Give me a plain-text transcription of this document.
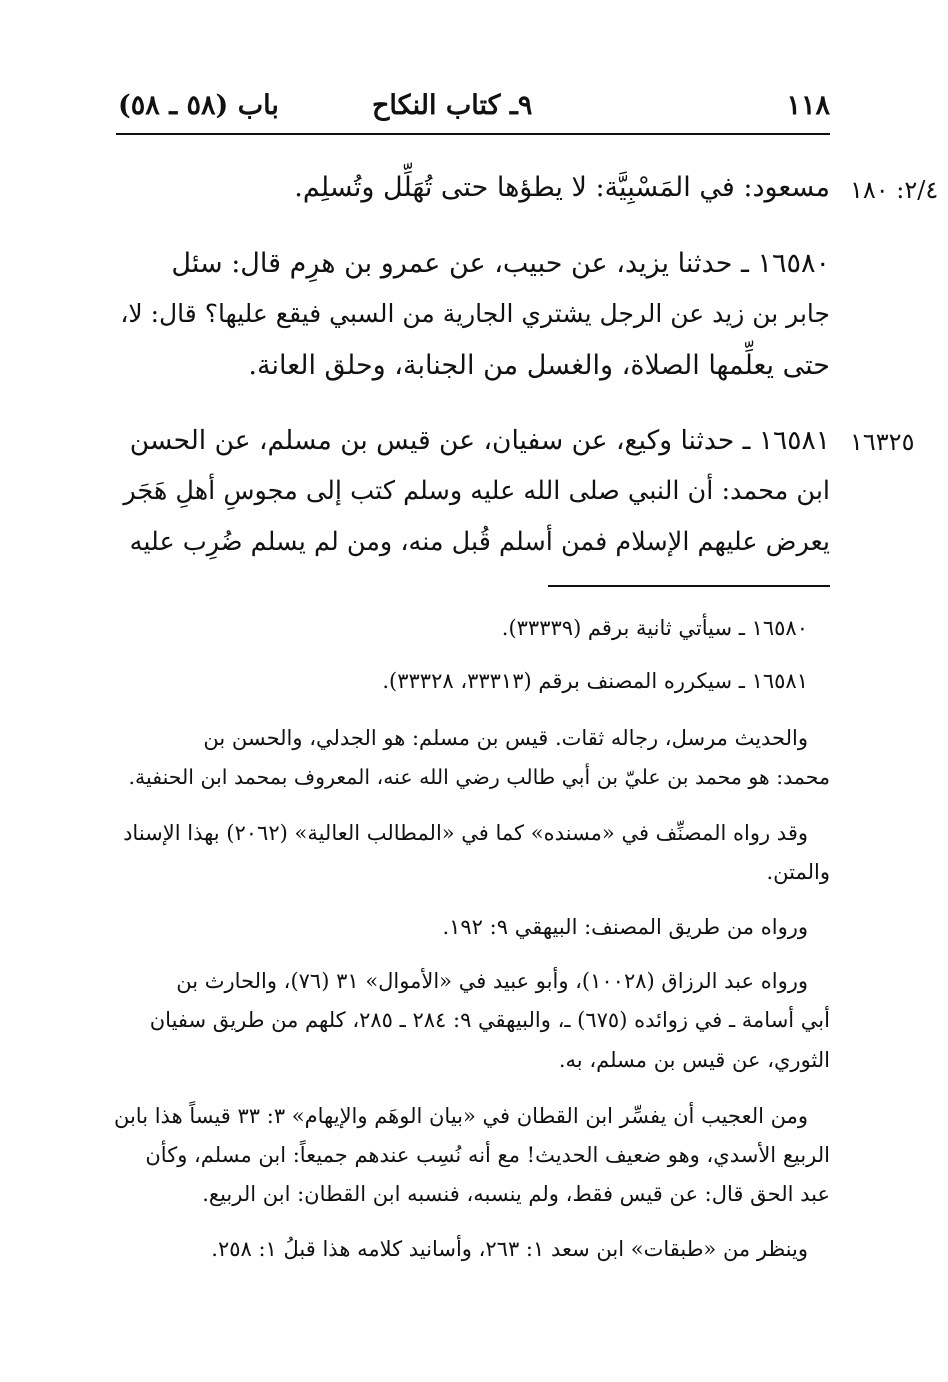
١١٨
٩ـ كتاب النكاح
باب (٥٨ ـ ٥٨)
٢/٤: ١٨٠
١٦٣٢٥
مسعود: في المَسْبِيَّة: لا يطؤها حتى تُهَلِّل وتُسلِم.
١٦٥٨٠ ـ حدثنا يزيد، عن حبيب، عن عمرو بن هرِم قال: سئل
جابر بن زيد عن الرجل يشتري الجارية من السبي فيقع عليها؟ قال: لا،
حتى يعلِّمها الصلاة، والغسل من الجنابة، وحلق العانة.
١٦٥٨١ ـ حدثنا وكيع، عن سفيان، عن قيس بن مسلم، عن الحسن
ابن محمد: أن النبي صلى الله عليه وسلم كتب إلى مجوسِ أهلِ هَجَر
يعرض عليهم الإسلام فمن أسلم قُبل منه، ومن لم يسلم ضُرِب عليه
١٦٥٨٠ ـ سيأتي ثانية برقم (٣٣٣٣٩).
١٦٥٨١ ـ سيكرره المصنف برقم (٣٣٣١٣، ٣٣٣٢٨).
والحديث مرسل، رجاله ثقات. قيس بن مسلم: هو الجدلي، والحسن بن
محمد: هو محمد بن عليّ بن أبي طالب رضي الله عنه، المعروف بمحمد ابن الحنفية.
وقد رواه المصنِّف في «مسنده» كما في «المطالب العالية» (٢٠٦٢) بهذا الإسناد
والمتن.
ورواه من طريق المصنف: البيهقي ٩: ١٩٢.
ورواه عبد الرزاق (١٠٠٢٨)، وأبو عبيد في «الأموال» ٣١ (٧٦)، والحارث بن
أبي أسامة ـ في زوائده (٦٧٥) ـ، والبيهقي ٩: ٢٨٤ ـ ٢٨٥، كلهم من طريق سفيان
الثوري، عن قيس بن مسلم، به.
ومن العجيب أن يفسِّر ابن القطان في «بيان الوهَم والإيهام» ٣: ٣٣ قيساً هذا بابن
الربيع الأسدي، وهو ضعيف الحديث! مع أنه نُسِب عندهم جميعاً: ابن مسلم، وكأن
عبد الحق قال: عن قيس فقط، ولم ينسبه، فنسبه ابن القطان: ابن الربيع.
وينظر من «طبقات» ابن سعد ١: ٢٦٣، وأسانيد كلامه هذا قبلُ ١: ٢٥٨.
